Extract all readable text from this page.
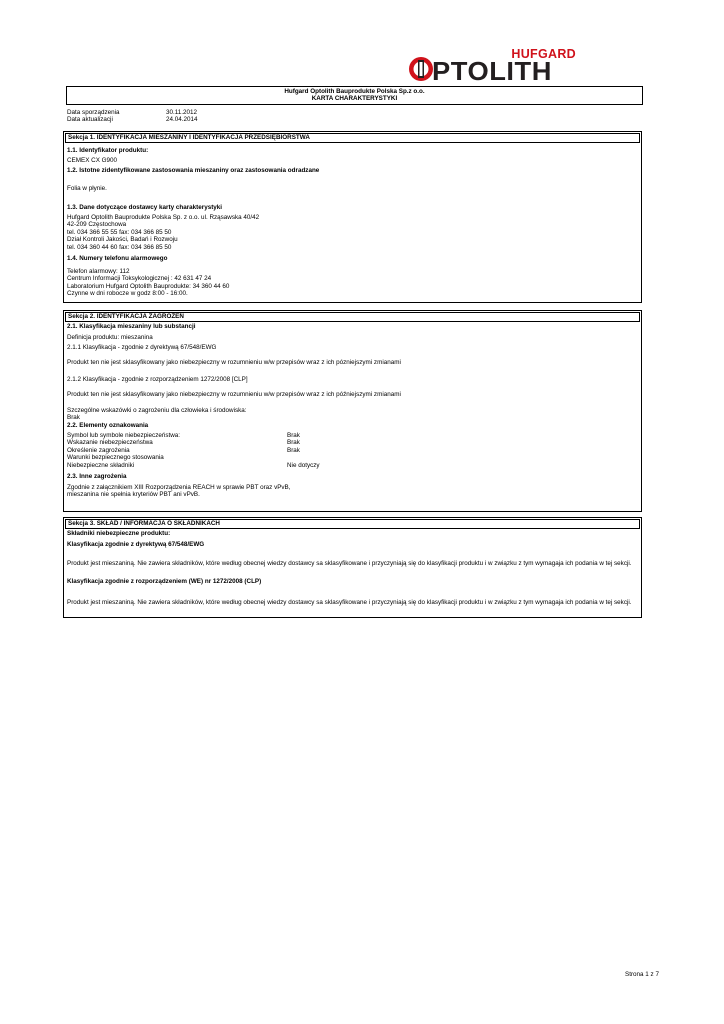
HUFGARD
PTOLITH
Hufgard Optolith Bauprodukte Polska Sp.z o.o.
KARTA CHARAKTERYSTYKI
Data sporządzenia	30.11.2012
Data aktualizacji	24.04.2014
Sekcja 1. IDENTYFIKACJA MIESZANINY I IDENTYFIKACJA PRZEDSIĘBIORSTWA
1.1. Identyfikator produktu:
CEMEX CX G900
1.2. Istotne zidentyfikowane zastosowania mieszaniny oraz zastosowania odradzane
Folia w płynie.
1.3. Dane dotyczące dostawcy karty charakterystyki
Hufgard Optolith Bauprodukte Polska Sp. z o.o. ul. Rząsawska 40/42
42-209 Częstochowa
tel. 034 366 55 55 fax: 034 366 85 50
Dział Kontroli Jakości, Badań i Rozwoju
tel. 034 360 44 60 fax: 034 366 85 50
1.4. Numery telefonu alarmowego
Telefon alarmowy: 112
Centrum Informacji Toksykologicznej : 42 631 47 24
Laboratorium Hufgard Optolith Bauprodukte: 34 360 44 60
Czynne w dni robocze w godz 8:00 - 16:00.
Sekcja 2. IDENTYFIKACJA ZAGROŻEŃ
2.1. Klasyfikacja mieszaniny lub substancji
Definicja produktu: mieszanina
2.1.1 Klasyfikacja - zgodnie z dyrektywą 67/548/EWG
Produkt ten nie jest sklasyfikowany jako niebezpieczny w rozumnieniu w/w przepisów wraz z ich pózniejszymi zmianami
2.1.2 Klasyfikacja - zgodnie z rozporządzeniem 1272/2008 [CLP]
Produkt ten nie jest sklasyfikowany jako niebezpieczny w rozumnieniu w/w przepisów wraz z ich późniejszymi zmianami
Szczególne wskazówki o zagrożeniu dla człowieka i środowiska:
Brak
2.2. Elementy oznakowania
Symbol lub symbole niebezpieczeństwa:	Brak
Wskazanie niebezpieczeństwa	Brak
Określenie zagrożenia	Brak
Warunki bezpiecznego stosowania
Niebezpieczne składniki	Nie dotyczy
2.3. Inne zagrożenia
Zgodnie z załącznikiem XIII Rozporządzenia REACH w sprawie PBT oraz vPvB,
mieszanina nie spełnia kryteriów PBT ani vPvB.
Sekcja 3. SKŁAD / INFORMACJA O SKŁADNIKACH
Składniki niebezpieczne produktu:
Klasyfikacja zgodnie z dyrektywą 67/548/EWG
Produkt jest mieszaniną. Nie zawiera składników, które według obecnej wiedzy dostawcy sa sklasyfikowane i przyczyniają się do klasyfikacji produktu i w związku z tym wymagaja ich podania w tej sekcji.
Klasyfikacja zgodnie z rozporządzeniem (WE) nr 1272/2008 (CLP)
Produkt jest mieszaniną. Nie zawiera składników, które według obecnej wiedzy dostawcy sa sklasyfikowane i przyczyniają się do klasyfikacji produktu i w związku z tym wymagaja ich podania w tej sekcji.
Strona 1 z 7
